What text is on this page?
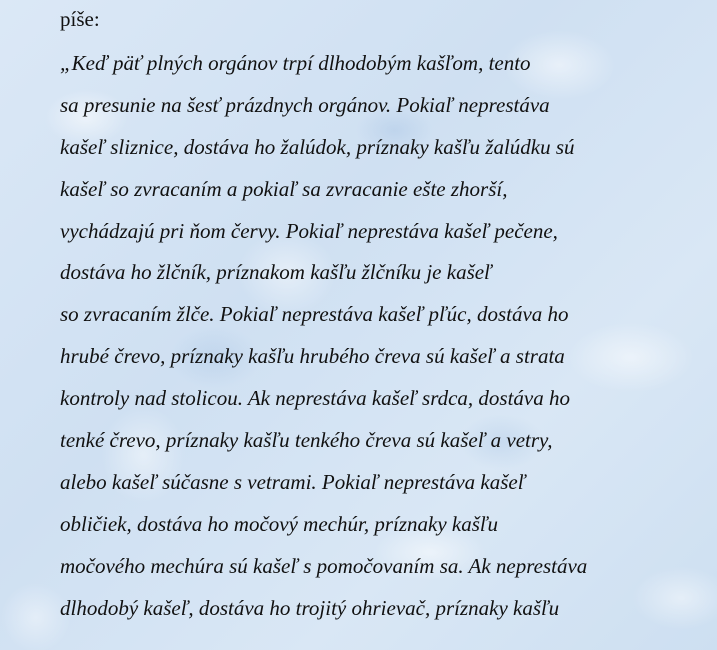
píše:

„Keď päť plných orgánov trpí dlhodobým kašľom, tento
sa presunie na šesť prázdnych orgánov. Pokiaľ neprestáva
kašeľ sliznice, dostáva ho žalúdok, príznaky kašľu žalúdku sú
kašeľ so zvracaním a pokiaľ sa zvracanie ešte zhorší,
vychádzajú pri ňom červy. Pokiaľ neprestáva kašeľ pečene,
dostáva ho žlčník, príznakom kašľu žlčníku je kašeľ
so zvracaním žlče. Pokiaľ neprestáva kašeľ pľúc, dostáva ho
hrubé črevo, príznaky kašľu hrubého čreva sú kašeľ a strata
kontroly nad stolicou. Ak neprestáva kašeľ srdca, dostáva ho
tenké črevo, príznaky kašľu tenkého čreva sú kašeľ a vetry,
alebo kašeľ súčasne s vetrami. Pokiaľ neprestáva kašeľ
obličiek, dostáva ho močový mechúr, príznaky kašľu
močového mechúra sú kašeľ s pomočovaním sa. Ak neprestáva
dlhodobý kašeľ, dostáva ho trojitý ohrievač, príznaky kašľu
